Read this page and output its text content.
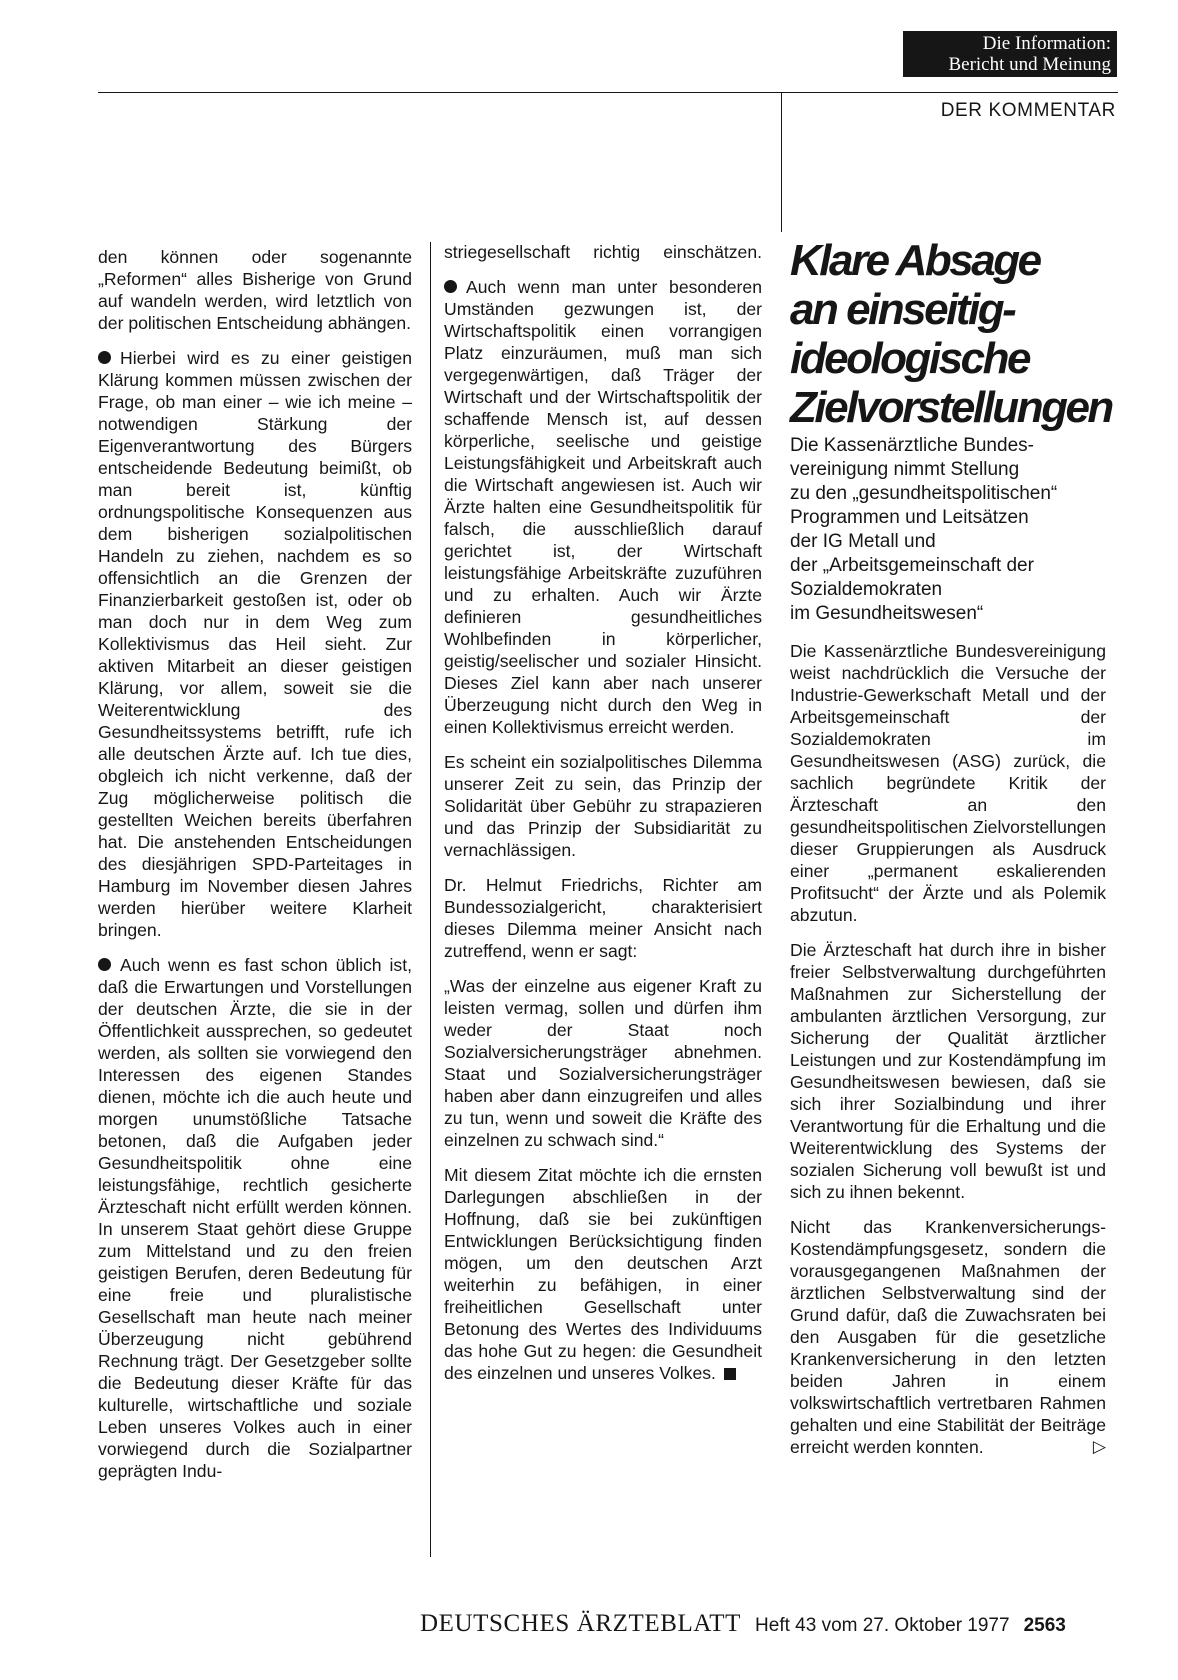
Die Information:
Bericht und Meinung
DER KOMMENTAR

den können oder sogenannte „Reformen“ alles Bisherige von Grund auf wandeln werden, wird letztlich von der politischen Entscheidung abhängen.

Hierbei wird es zu einer geistigen Klärung kommen müssen zwischen der Frage, ob man einer – wie ich meine – notwendigen Stärkung der Eigenverantwortung des Bürgers entscheidende Bedeutung beimißt, ob man bereit ist, künftig ordnungspolitische Konsequenzen aus dem bisherigen sozialpolitischen Handeln zu ziehen, nachdem es so offensichtlich an die Grenzen der Finanzierbarkeit gestoßen ist, oder ob man doch nur in dem Weg zum Kollektivismus das Heil sieht. Zur aktiven Mitarbeit an dieser geistigen Klärung, vor allem, soweit sie die Weiterentwicklung des Gesundheitssystems betrifft, rufe ich alle deutschen Ärzte auf. Ich tue dies, obgleich ich nicht verkenne, daß der Zug möglicherweise politisch die gestellten Weichen bereits überfahren hat. Die anstehenden Entscheidungen des diesjährigen SPD-Parteitages in Hamburg im November diesen Jahres werden hierüber weitere Klarheit bringen.

Auch wenn es fast schon üblich ist, daß die Erwartungen und Vorstellungen der deutschen Ärzte, die sie in der Öffentlichkeit aussprechen, so gedeutet werden, als sollten sie vorwiegend den Interessen des eigenen Standes dienen, möchte ich die auch heute und morgen unumstößliche Tatsache betonen, daß die Aufgaben jeder Gesundheitspolitik ohne eine leistungsfähige, rechtlich gesicherte Ärzteschaft nicht erfüllt werden können. In unserem Staat gehört diese Gruppe zum Mittelstand und zu den freien geistigen Berufen, deren Bedeutung für eine freie und pluralistische Gesellschaft man heute nach meiner Überzeugung nicht gebührend Rechnung trägt. Der Gesetzgeber sollte die Bedeutung dieser Kräfte für das kulturelle, wirtschaftliche und soziale Leben unseres Volkes auch in einer vorwiegend durch die Sozialpartner geprägten Indu-

striegesellschaft richtig einschätzen.

Auch wenn man unter besonderen Umständen gezwungen ist, der Wirtschaftspolitik einen vorrangigen Platz einzuräumen, muß man sich vergegenwärtigen, daß Träger der Wirtschaft und der Wirtschaftspolitik der schaffende Mensch ist, auf dessen körperliche, seelische und geistige Leistungsfähigkeit und Arbeitskraft auch die Wirtschaft angewiesen ist. Auch wir Ärzte halten eine Gesundheitspolitik für falsch, die ausschließlich darauf gerichtet ist, der Wirtschaft leistungsfähige Arbeitskräfte zuzuführen und zu erhalten. Auch wir Ärzte definieren gesundheitliches Wohlbefinden in körperlicher, geistig/seelischer und sozialer Hinsicht. Dieses Ziel kann aber nach unserer Überzeugung nicht durch den Weg in einen Kollektivismus erreicht werden.

Es scheint ein sozialpolitisches Dilemma unserer Zeit zu sein, das Prinzip der Solidarität über Gebühr zu strapazieren und das Prinzip der Subsidiarität zu vernachlässigen.

Dr. Helmut Friedrichs, Richter am Bundessozialgericht, charakterisiert dieses Dilemma meiner Ansicht nach zutreffend, wenn er sagt:

„Was der einzelne aus eigener Kraft zu leisten vermag, sollen und dürfen ihm weder der Staat noch Sozialversicherungsträger abnehmen. Staat und Sozialversicherungsträger haben aber dann einzugreifen und alles zu tun, wenn und soweit die Kräfte des einzelnen zu schwach sind.“

Mit diesem Zitat möchte ich die ernsten Darlegungen abschließen in der Hoffnung, daß sie bei zukünftigen Entwicklungen Berücksichtigung finden mögen, um den deutschen Arzt weiterhin zu befähigen, in einer freiheitlichen Gesellschaft unter Betonung des Wertes des Individuums das hohe Gut zu hegen: die Gesundheit des einzelnen und unseres Volkes.

Klare Absage
an einseitig-
ideologische
Zielvorstellungen
Die Kassenärztliche Bundes-
vereinigung nimmt Stellung
zu den „gesundheitspolitischen“
Programmen und Leitsätzen
der IG Metall und
der „Arbeitsgemeinschaft der
Sozialdemokraten
im Gesundheitswesen“

Die Kassenärztliche Bundesvereinigung weist nachdrücklich die Versuche der Industrie-Gewerkschaft Metall und der Arbeitsgemeinschaft der Sozialdemokraten im Gesundheitswesen (ASG) zurück, die sachlich begründete Kritik der Ärzteschaft an den gesundheitspolitischen Zielvorstellungen dieser Gruppierungen als Ausdruck einer „permanent eskalierenden Profitsucht“ der Ärzte und als Polemik abzutun.

Die Ärzteschaft hat durch ihre in bisher freier Selbstverwaltung durchgeführten Maßnahmen zur Sicherstellung der ambulanten ärztlichen Versorgung, zur Sicherung der Qualität ärztlicher Leistungen und zur Kostendämpfung im Gesundheitswesen bewiesen, daß sie sich ihrer Sozialbindung und ihrer Verantwortung für die Erhaltung und die Weiterentwicklung des Systems der sozialen Sicherung voll bewußt ist und sich zu ihnen bekennt.

Nicht das Krankenversicherungs-Kostendämpfungsgesetz, sondern die vorausgegangenen Maßnahmen der ärztlichen Selbstverwaltung sind der Grund dafür, daß die Zuwachsraten bei den Ausgaben für die gesetzliche Krankenversicherung in den letzten beiden Jahren in einem volkswirtschaftlich vertretbaren Rahmen gehalten und eine Stabilität der Beiträge erreicht werden konnten.	▷

DEUTSCHES ÄRZTEBLATT Heft 43 vom 27. Oktober 1977 2563
